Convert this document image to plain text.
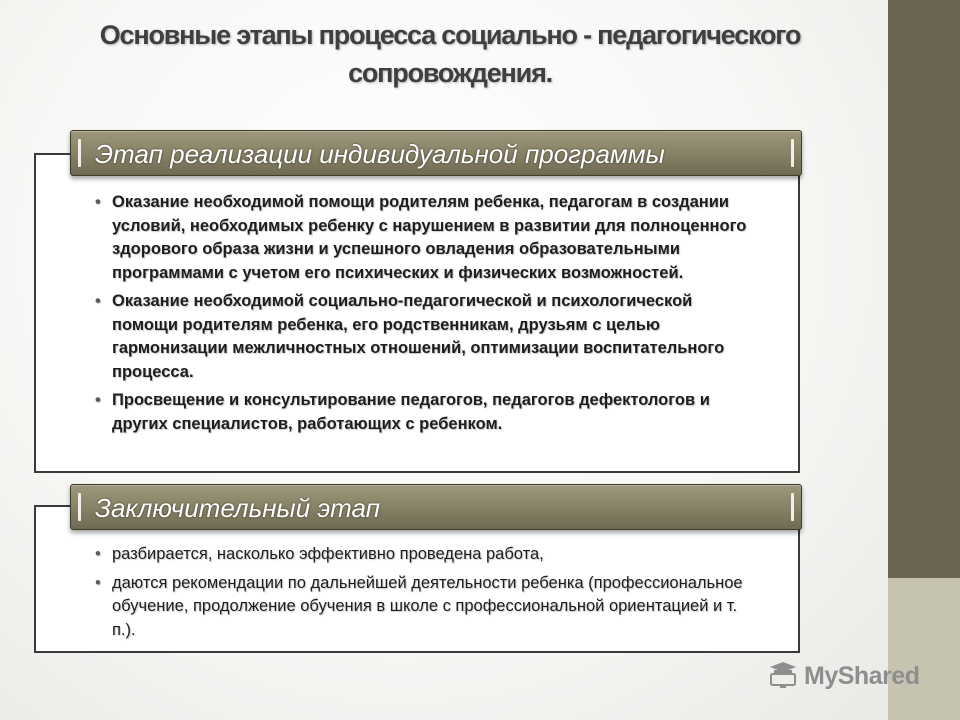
Основные этапы процесса социально - педагогического сопровождения.
Этап реализации индивидуальной программы
• Оказание необходимой помощи родителям ребенка, педагогам в создании условий, необходимых ребенку с нарушением в развитии для полноценного здорового образа жизни и успешного овладения образовательными программами с учетом его психических и физических возможностей.
• Оказание необходимой социально-педагогической и психологической помощи родителям ребенка, его родственникам, друзьям с целью гармонизации межличностных отношений, оптимизации воспитательного процесса.
• Просвещение и консультирование педагогов, педагогов дефектологов и других специалистов, работающих с ребенком.
Заключительный этап
• разбирается, насколько эффективно проведена работа,
• даются рекомендации по дальнейшей деятельности ребенка (профессиональное обучение, продолжение обучения в школе с профессиональной ориентацией и т. п.).
MyShared
